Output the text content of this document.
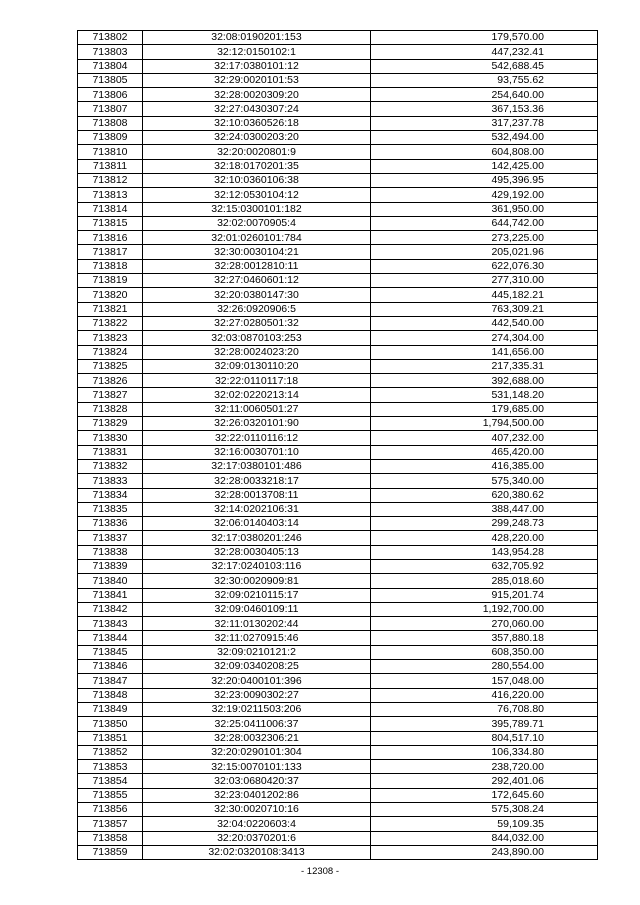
713802	32:08:0190201:153	179,570.00
713803	32:12:0150102:1	447,232.41
713804	32:17:0380101:12	542,688.45
713805	32:29:0020101:53	93,755.62
713806	32:28:0020309:20	254,640.00
713807	32:27:0430307:24	367,153.36
713808	32:10:0360526:18	317,237.78
713809	32:24:0300203:20	532,494.00
713810	32:20:0020801:9	604,808.00
713811	32:18:0170201:35	142,425.00
713812	32:10:0360106:38	495,396.95
713813	32:12:0530104:12	429,192.00
713814	32:15:0300101:182	361,950.00
713815	32:02:0070905:4	644,742.00
713816	32:01:0260101:784	273,225.00
713817	32:30:0030104:21	205,021.96
713818	32:28:0012810:11	622,076.30
713819	32:27:0460601:12	277,310.00
713820	32:20:0380147:30	445,182.21
713821	32:26:0920906:5	763,309.21
713822	32:27:0280501:32	442,540.00
713823	32:03:0870103:253	274,304.00
713824	32:28:0024023:20	141,656.00
713825	32:09:0130110:20	217,335.31
713826	32:22:0110117:18	392,688.00
713827	32:02:0220213:14	531,148.20
713828	32:11:0060501:27	179,685.00
713829	32:26:0320101:90	1,794,500.00
713830	32:22:0110116:12	407,232.00
713831	32:16:0030701:10	465,420.00
713832	32:17:0380101:486	416,385.00
713833	32:28:0033218:17	575,340.00
713834	32:28:0013708:11	620,380.62
713835	32:14:0202106:31	388,447.00
713836	32:06:0140403:14	299,248.73
713837	32:17:0380201:246	428,220.00
713838	32:28:0030405:13	143,954.28
713839	32:17:0240103:116	632,705.92
713840	32:30:0020909:81	285,018.60
713841	32:09:0210115:17	915,201.74
713842	32:09:0460109:11	1,192,700.00
713843	32:11:0130202:44	270,060.00
713844	32:11:0270915:46	357,880.18
713845	32:09:0210121:2	608,350.00
713846	32:09:0340208:25	280,554.00
713847	32:20:0400101:396	157,048.00
713848	32:23:0090302:27	416,220.00
713849	32:19:0211503:206	76,708.80
713850	32:25:0411006:37	395,789.71
713851	32:28:0032306:21	804,517.10
713852	32:20:0290101:304	106,334.80
713853	32:15:0070101:133	238,720.00
713854	32:03:0680420:37	292,401.06
713855	32:23:0401202:86	172,645.60
713856	32:30:0020710:16	575,308.24
713857	32:04:0220603:4	59,109.35
713858	32:20:0370201:6	844,032.00
713859	32:02:0320108:3413	243,890.00
- 12308 -
